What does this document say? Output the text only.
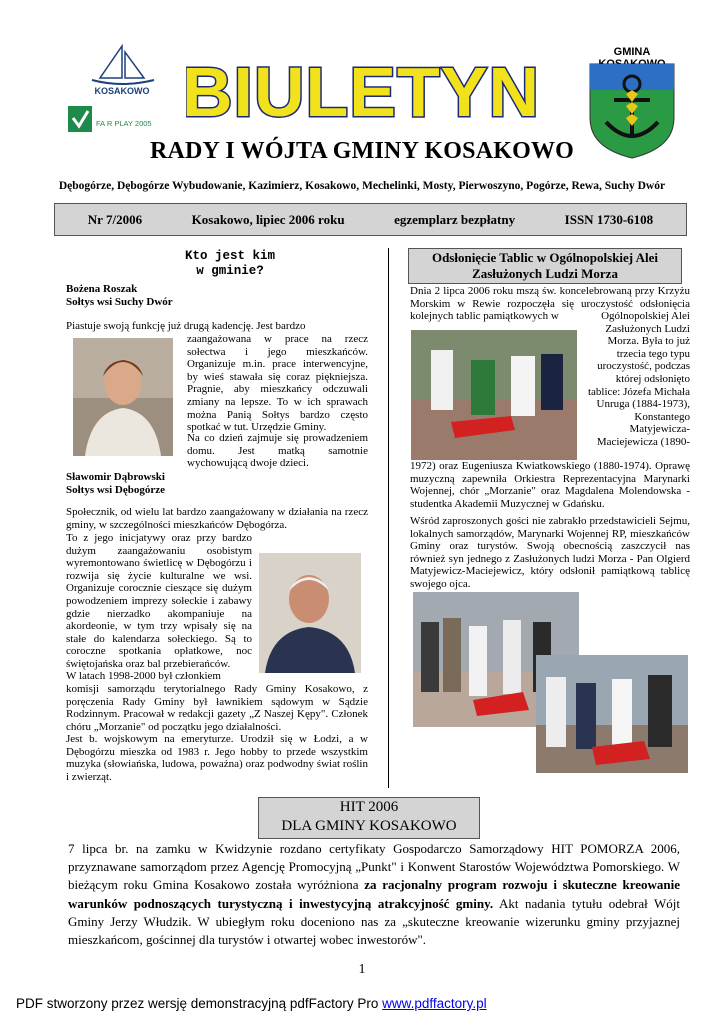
KOSAKOWO
FA R PLAY 2005 BIULETYN
GMINA
RADY I WÓJTA GMINY KOSAKOWO
Dębogórze, Dębogórze Wybudowanie, Kazimierz, Kosakowo, Mechelinki, Mosty, Pierwoszyno, Pogórze, Rewa, Suchy Dwór
Nr 7/2006	Kosakowo, lipiec 2006 roku	egzemplarz bezpłatny	ISSN 1730-6108
Kto jest kim
w gminie?
Bożena Roszak
Sołtys wsi Suchy Dwór
Piastuje swoją funkcję już drugą kadencję. Jest bardzo
zaangażowana w prace na rzecz sołectwa i jego mieszkańców. Organizuje m.in. prace interwencyjne, by wieś stawała się coraz piękniejsza. Pragnie, aby mieszkańcy odczuwali zmiany na lepsze. To w ich sprawach można Panią Sołtys bardzo często spotkać w tut. Urzędzie Gminy.
Na co dzień zajmuje się prowadzeniem domu. Jest matką samotnie wychowującą dwoje dzieci.
Sławomir Dąbrowski
Sołtys wsi Dębogórze
Społecznik, od wielu lat bardzo zaangażowany w działania na rzecz gminy, w szczególności mieszkańców Dębogórza.
To z jego inicjatywy oraz przy bardzo dużym zaangażowaniu osobistym wyremontowano świetlicę w Dębogórzu i rozwija się życie kulturalne we wsi. Organizuje corocznie cieszące się dużym powodzeniem imprezy sołeckie i zabawy gdzie nierzadko akompaniuje na akordeonie, w tym trzy wpisały się na stałe do kalendarza sołeckiego. Są to coroczne spotkania opłatkowe, noc świętojańska oraz bal przebierańców.
W latach 1998-2000 był członkiem
komisji samorządu terytorialnego Rady Gminy Kosakowo, z poręczenia Rady Gminy był ławnikiem sądowym w Sądzie Rodzinnym. Pracował w redakcji gazety „Z Naszej Kępy". Członek chóru „Morzanie" od początku jego działalności.
Jest b. wojskowym na emeryturze. Urodził się w Łodzi, a w Dębogórzu mieszka od 1983 r. Jego hobby to przede wszystkim muzyka (słowiańska, ludowa, poważna) oraz podwodny świat roślin i zwierząt.
Odsłonięcie Tablic w Ogólnopolskiej Alei
Zasłużonych Ludzi Morza
Dnia 2 lipca 2006 roku mszą św. koncelebrowaną przy Krzyżu Morskim w Rewie rozpoczęła się uroczystość odsłonięcia kolejnych tablic pamiątkowych w	Ogólnopolskiej Alei Zasłużonych Ludzi Morza. Była to już trzecia tego typu uroczystość, podczas której odsłonięto tablice: Józefa Michała Unruga (1884-1973), Konstantego Matyjewicza-Maciejewicza (1890-
1972) oraz Eugeniusza Kwiatkowskiego (1880-1974). Oprawę muzyczną zapewniła Orkiestra Reprezentacyjna Marynarki Wojennej, chór „Morzanie" oraz Magdalena Molendowska - studentka Akademii Muzycznej w Gdańsku.
Wśród zaproszonych gości nie zabrakło przedstawicieli Sejmu, lokalnych samorządów, Marynarki Wojennej RP, mieszkańców Gminy oraz turystów. Swoją obecnością zaszczycił nas również syn jednego z Zasłużonych ludzi Morza - Pan Olgierd Matyjewicz-Maciejewicz, który odsłonił pamiątkową tablicę swojego ojca.
HIT 2006
DLA GMINY KOSAKOWO
7 lipca br. na zamku w Kwidzynie rozdano certyfikaty Gospodarczo Samorządowy HIT POMORZA 2006, przyznawane samorządom przez Agencję Promocyjną „Punkt" i Konwent Starostów Województwa Pomorskiego. W bieżącym roku Gmina Kosakowo została wyróżniona za racjonalny program rozwoju i skuteczne kreowanie warunków podnoszących turystyczną i inwestycyjną atrakcyjność gminy. Akt nadania tytułu odebrał Wójt Gminy Jerzy Włudzik. W ubiegłym roku doceniono nas za „skuteczne kreowanie wizerunku gminy przyjaznej mieszkańcom, gościnnej dla turystów i otwartej wobec inwestorów".
1
PDF stworzony przez wersję demonstracyjną pdfFactory Pro www.pdffactory.pl
